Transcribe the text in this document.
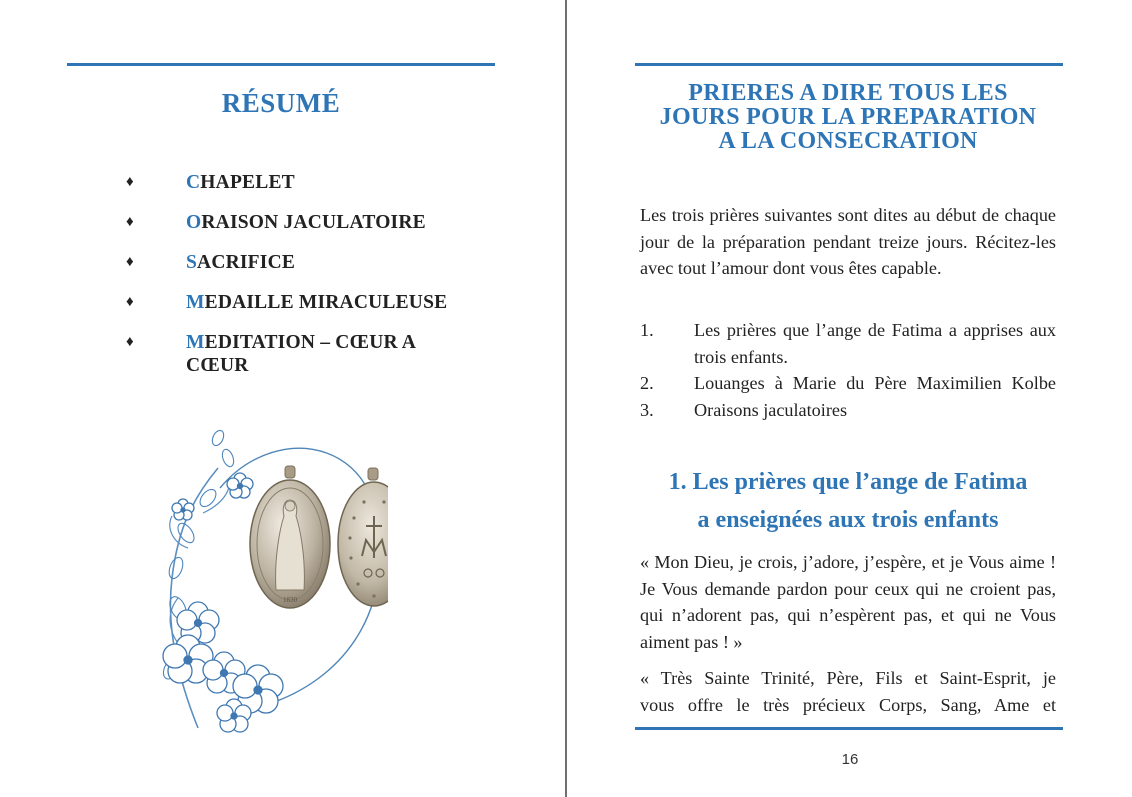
RÉSUMÉ
♦	CHAPELET
♦	ORAISON JACULATOIRE
♦	SACRIFICE
♦	MEDAILLE MIRACULEUSE
♦	MEDITATION – CŒUR A CŒUR
1830
PRIERES A DIRE TOUS LES
JOURS POUR LA PREPARATION
A LA CONSECRATION

Les trois prières suivantes sont dites au début de chaque jour de la préparation pendant treize jours. Récitez-les avec tout l’amour dont vous êtes capable.

1.	Les prières que l’ange de Fatima a apprises aux trois enfants.
2.	Louanges à Marie du Père Maximilien Kolbe
3.	Oraisons jaculatoires
1. Les prières que l’ange de Fatima
a enseignées aux trois enfants

« Mon Dieu, je crois, j’adore, j’espère, et je Vous aime ! Je Vous demande pardon pour ceux qui ne croient pas, qui n’adorent pas, qui n’espèrent pas, et qui ne Vous aiment pas ! »

« Très Sainte Trinité, Père, Fils et Saint-Esprit, je
vous offre le très précieux Corps, Sang, Ame et
16
